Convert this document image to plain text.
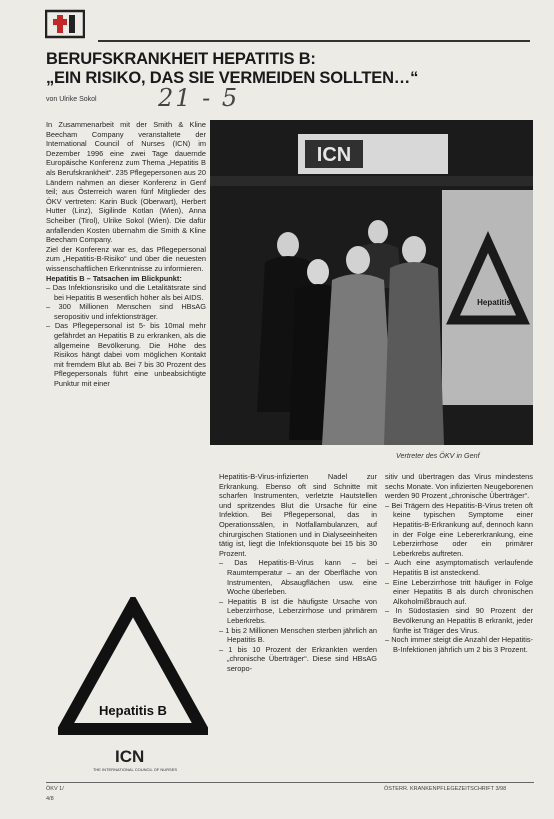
BERUFSKRANKHEIT HEPATITIS B:
„EIN RISIKO, DAS SIE VERMEIDEN SOLLTEN…“
von Ulrike Sokol	21 - 5

In Zusammenarbeit mit der Smith & Kline Beecham Company veranstaltete der International Council of Nurses (ICN) im Dezember 1996 eine zwei Tage dauernde Europäische Konferenz zum Thema „Hepatitis B als Berufskrankheit“. 235 Pflegepersonen aus 20 Ländern nahmen an dieser Konferenz in Genf teil; aus Österreich waren fünf Mitglieder des ÖKV vertreten: Karin Buck (Oberwart), Herbert Hutter (Linz), Sigilinde Kotlan (Wien), Anna Scheiber (Tirol), Ulrike Sokol (Wien). Die dafür anfallenden Kosten übernahm die Smith & Kline Beecham Company.

Ziel der Konferenz war es, das Pflegepersonal zum „Hepatitis-B-Risiko“ und über die neuesten wissenschaftlichen Erkenntnisse zu informieren.

Hepatitis B – Tatsachen im Blickpunkt:

– Das Infektionsrisiko und die Letalitätsrate sind bei Hepatitis B wesentlich höher als bei AIDS.
– 300 Millionen Menschen sind HBsAG seropositiv und infektionsträger.
– Das Pflegepersonal ist 5- bis 10mal mehr gefährdet an Hepatitis B zu erkranken, als die allgemeine Bevölkerung. Die Höhe des Risikos hängt dabei vom möglichen Kontakt mit fremdem Blut ab. Bei 7 bis 30 Prozent des Pflegepersonals führt eine unbeabsichtigte Punktur mit einer
ICN
Hepatitis B
Vertreter des ÖKV in Genf

Hepatitis-B-Virus-infizierten Nadel zur Erkrankung. Ebenso oft sind Schnitte mit scharfen Instrumenten, verletzte Hautstellen und spritzendes Blut die Ursache für eine Infektion. Bei Pflegepersonal, das in Operationssälen, in Notfallambulanzen, auf chirurgischen Stationen und in Dialyseeinheiten tätig ist, liegt die Infektionsquote bei 15 bis 30 Prozent.

– Das Hepatitis-B-Virus kann – bei Raumtemperatur – an der Oberfläche von Instrumenten, Absaugflächen usw. eine Woche überleben.
– Hepatitis B ist die häufigste Ursache von Leberzirrhose, Leberzirrhose und primärem Leberkrebs.
– 1 bis 2 Millionen Menschen sterben jährlich an Hepatitis B.
– 1 bis 10 Prozent der Erkrankten werden „chronische Überträger“. Diese sind HBsAG seropo-

sitiv und übertragen das Virus mindestens sechs Monate. Von infizierten Neugeborenen werden 90 Prozent „chronische Überträger“.

– Bei Trägern des Hepatitis-B-Virus treten oft keine typischen Symptome einer Hepatitis-B-Erkrankung auf, dennoch kann in der Folge eine Lebererkrankung, eine Leberzirrhose oder ein primärer Leberkrebs auftreten.
– Auch eine asymptomatisch verlaufende Hepatitis B ist ansteckend.
– Eine Leberzirrhose tritt häufiger in Folge einer Hepatitis B als durch chronischen Alkoholmißbrauch auf.
– In Südostasien sind 90 Prozent der Bevölkerung an Hepatitis B erkrankt, jeder fünfte ist Träger des Virus.
– Noch immer steigt die Anzahl der Hepatitis-B-Infektionen jährlich um 2 bis 3 Prozent.
Hepatitis B
ICN
THE INTERNATIONAL COUNCIL OF NURSES
ÖKV 1/	ÖSTERR. KRANKENPFLEGEZEITSCHRIFT 3/98
4/8
